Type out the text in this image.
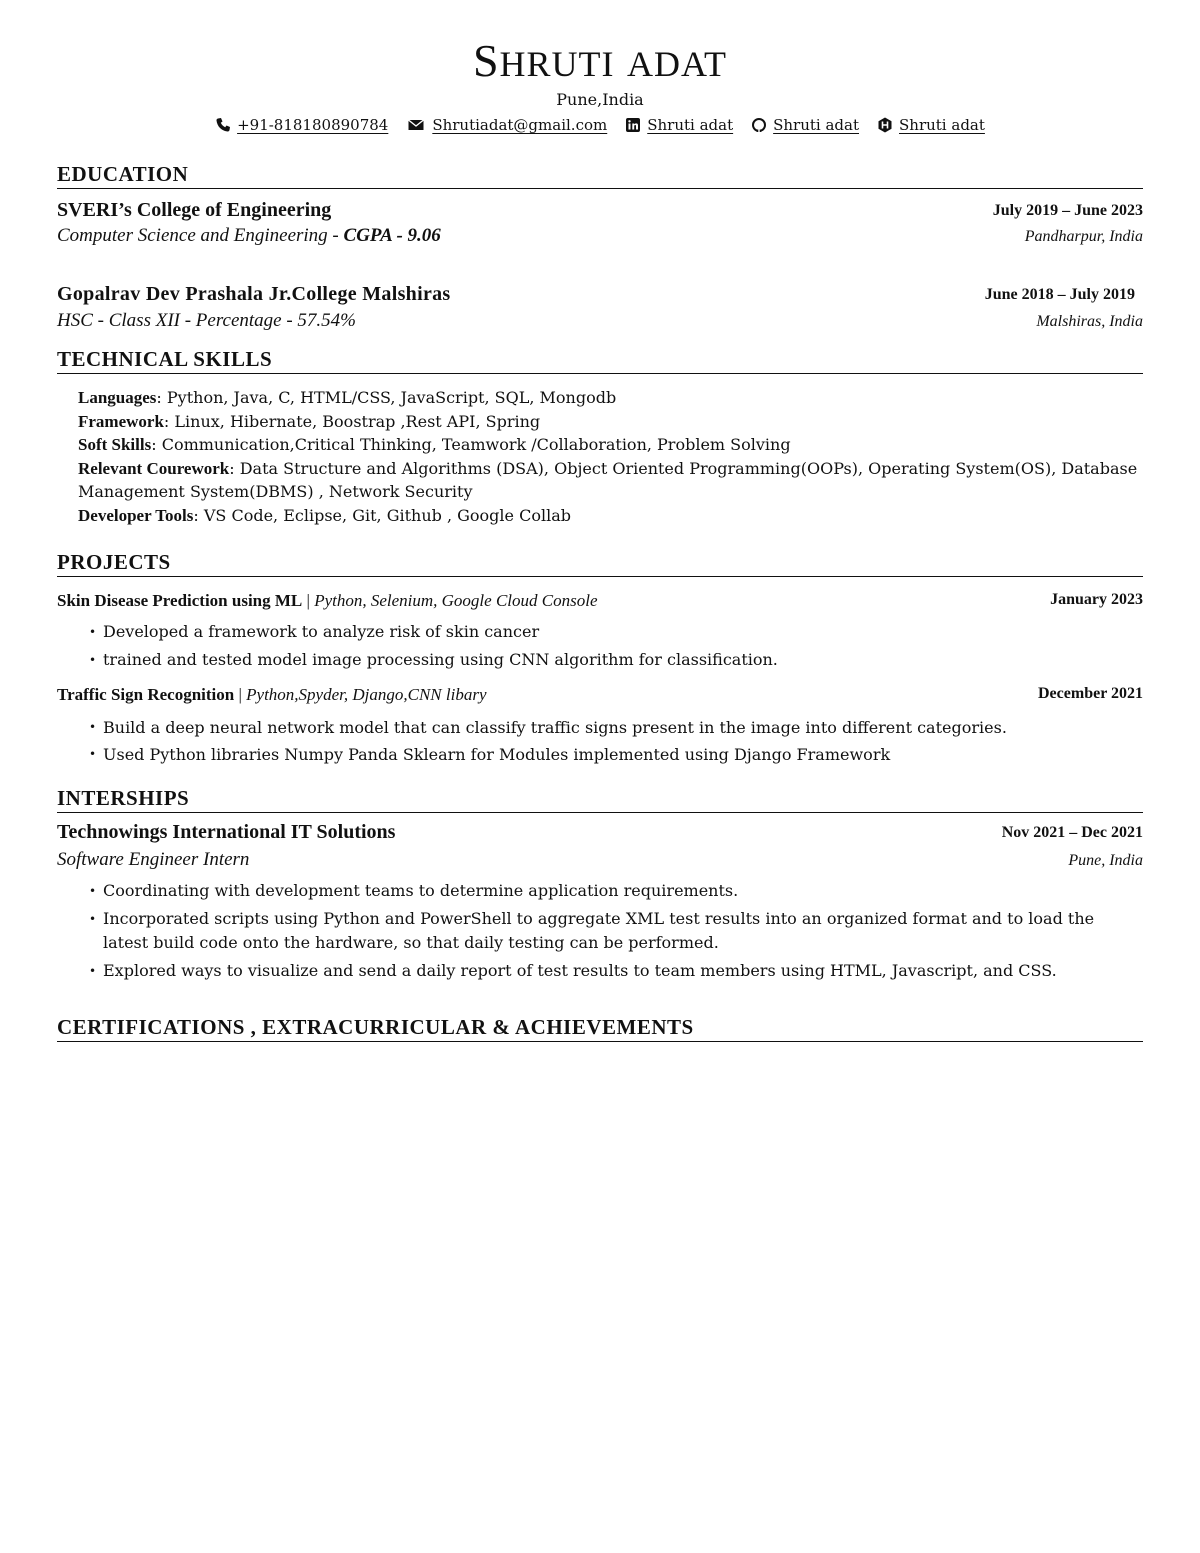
SHRUTI ADAT
Pune,India
+91-818180890784	Shrutiadat@gmail.com	Shruti adat	Shruti adat	Shruti adat
EDUCATION
SVERI’s College of Engineering	July 2019 – June 2023
Computer Science and Engineering - CGPA - 9.06	Pandharpur, India
Gopalrav Dev Prashala Jr.College Malshiras	June 2018 – July 2019
HSC - Class XII - Percentage - 57.54%	Malshiras, India
TECHNICAL SKILLS
Languages: Python, Java, C, HTML/CSS, JavaScript, SQL, Mongodb
Framework: Linux, Hibernate, Boostrap ,Rest API, Spring
Soft Skills: Communication,Critical Thinking, Teamwork /Collaboration, Problem Solving
Relevant Courework: Data Structure and Algorithms (DSA), Object Oriented Programming(OOPs), Operating System(OS), Database Management System(DBMS) , Network Security
Developer Tools: VS Code, Eclipse, Git, Github , Google Collab
PROJECTS
Skin Disease Prediction using ML | Python, Selenium, Google Cloud Console	January 2023
• Developed a framework to analyze risk of skin cancer
• trained and tested model image processing using CNN algorithm for classification.
Traffic Sign Recognition | Python,Spyder, Django,CNN libary	December 2021
• Build a deep neural network model that can classify traffic signs present in the image into different categories.
• Used Python libraries Numpy Panda Sklearn for Modules implemented using Django Framework
INTERSHIPS
Technowings International IT Solutions	Nov 2021 – Dec 2021
Software Engineer Intern	Pune, India
• Coordinating with development teams to determine application requirements.
• Incorporated scripts using Python and PowerShell to aggregate XML test results into an organized format and to load the latest build code onto the hardware, so that daily testing can be performed.
• Explored ways to visualize and send a daily report of test results to team members using HTML, Javascript, and CSS.
CERTIFICATIONS , EXTRACURRICULAR & ACHIEVEMENTS
